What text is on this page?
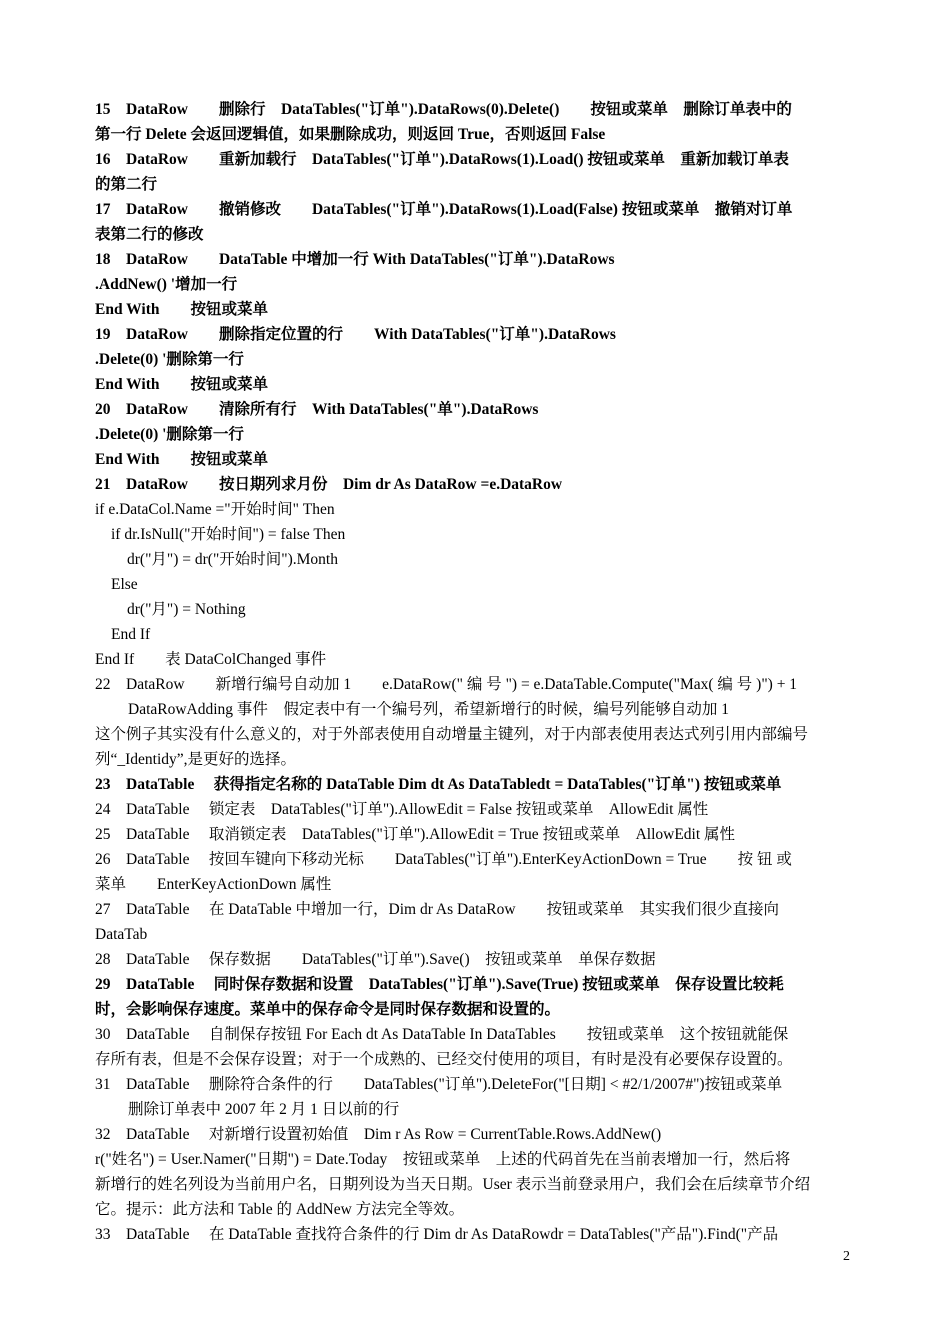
15　DataRow　　删除行　DataTables("订单").DataRows(0).Delete()　　按钮或菜单　删除订单表中的
第一行 Delete 会返回逻辑值，如果删除成功，则返回 True，否则返回 False
16　DataRow　　重新加载行　DataTables("订单").DataRows(1).Load() 按钮或菜单　重新加载订单表
的第二行
17　DataRow　　撤销修改　　DataTables("订单").DataRows(1).Load(False) 按钮或菜单　撤销对订单
表第二行的修改
18　DataRow　　DataTable 中增加一行 With DataTables("订单").DataRows
.AddNew() '增加一行
End With　　按钮或菜单
19　DataRow　　删除指定位置的行　　With DataTables("订单").DataRows
.Delete(0) '删除第一行
End With　　按钮或菜单
20　DataRow　　清除所有行　With DataTables("单").DataRows
.Delete(0) '删除第一行
End With　　按钮或菜单
21　DataRow　　按日期列求月份　Dim dr As DataRow =e.DataRow
if e.DataCol.Name ="开始时间" Then
if dr.IsNull("开始时间") = false Then
dr("月") = dr("开始时间").Month
Else
dr("月") = Nothing
End If
End If　　表 DataColChanged 事件
22　DataRow　　新增行编号自动加 1　　e.DataRow(" 编 号 ") = e.DataTable.Compute("Max( 编 号 )") + 1
DataRowAdding 事件　假定表中有一个编号列，希望新增行的时候，编号列能够自动加 1
这个例子其实没有什么意义的，对于外部表使用自动增量主键列，对于内部表使用表达式列引用内部编号
列“_Identidy”,是更好的选择。
23　DataTable　 获得指定名称的 DataTable Dim dt As DataTabledt = DataTables("订单") 按钮或菜单
24　DataTable　 锁定表　DataTables("订单").AllowEdit = False 按钮或菜单　AllowEdit 属性
25　DataTable　 取消锁定表　DataTables("订单").AllowEdit = True 按钮或菜单　AllowEdit 属性
26　DataTable　 按回车键向下移动光标　　DataTables("订单").EnterKeyActionDown = True　　按 钮 或
菜单　　EnterKeyActionDown 属性
27　DataTable　 在 DataTable 中增加一行，Dim dr As DataRow　　按钮或菜单　其实我们很少直接向
DataTab
28　DataTable　 保存数据　　DataTables("订单").Save()　按钮或菜单　单保存数据
29　DataTable　 同时保存数据和设置　DataTables("订单").Save(True) 按钮或菜单　保存设置比较耗
时，会影响保存速度。菜单中的保存命令是同时保存数据和设置的。
30　DataTable　 自制保存按钮 For Each dt As DataTable In DataTables　　按钮或菜单　这个按钮就能保
存所有表，但是不会保存设置；对于一个成熟的、已经交付使用的项目，有时是没有必要保存设置的。
31　DataTable　 删除符合条件的行　　DataTables("订单").DeleteFor("[日期] < #2/1/2007#")按钮或菜单
删除订单表中 2007 年 2 月 1 日以前的行
32　DataTable　 对新增行设置初始值　Dim r As Row = CurrentTable.Rows.AddNew()
r("姓名") = User.Namer("日期") = Date.Today　按钮或菜单　上述的代码首先在当前表增加一行，然后将
新增行的姓名列设为当前用户名，日期列设为当天日期。User 表示当前登录用户，我们会在后续章节介绍
它。提示：此方法和 Table 的 AddNew 方法完全等效。
33　DataTable　 在 DataTable 查找符合条件的行 Dim dr As DataRowdr = DataTables("产品").Find("产品
2
